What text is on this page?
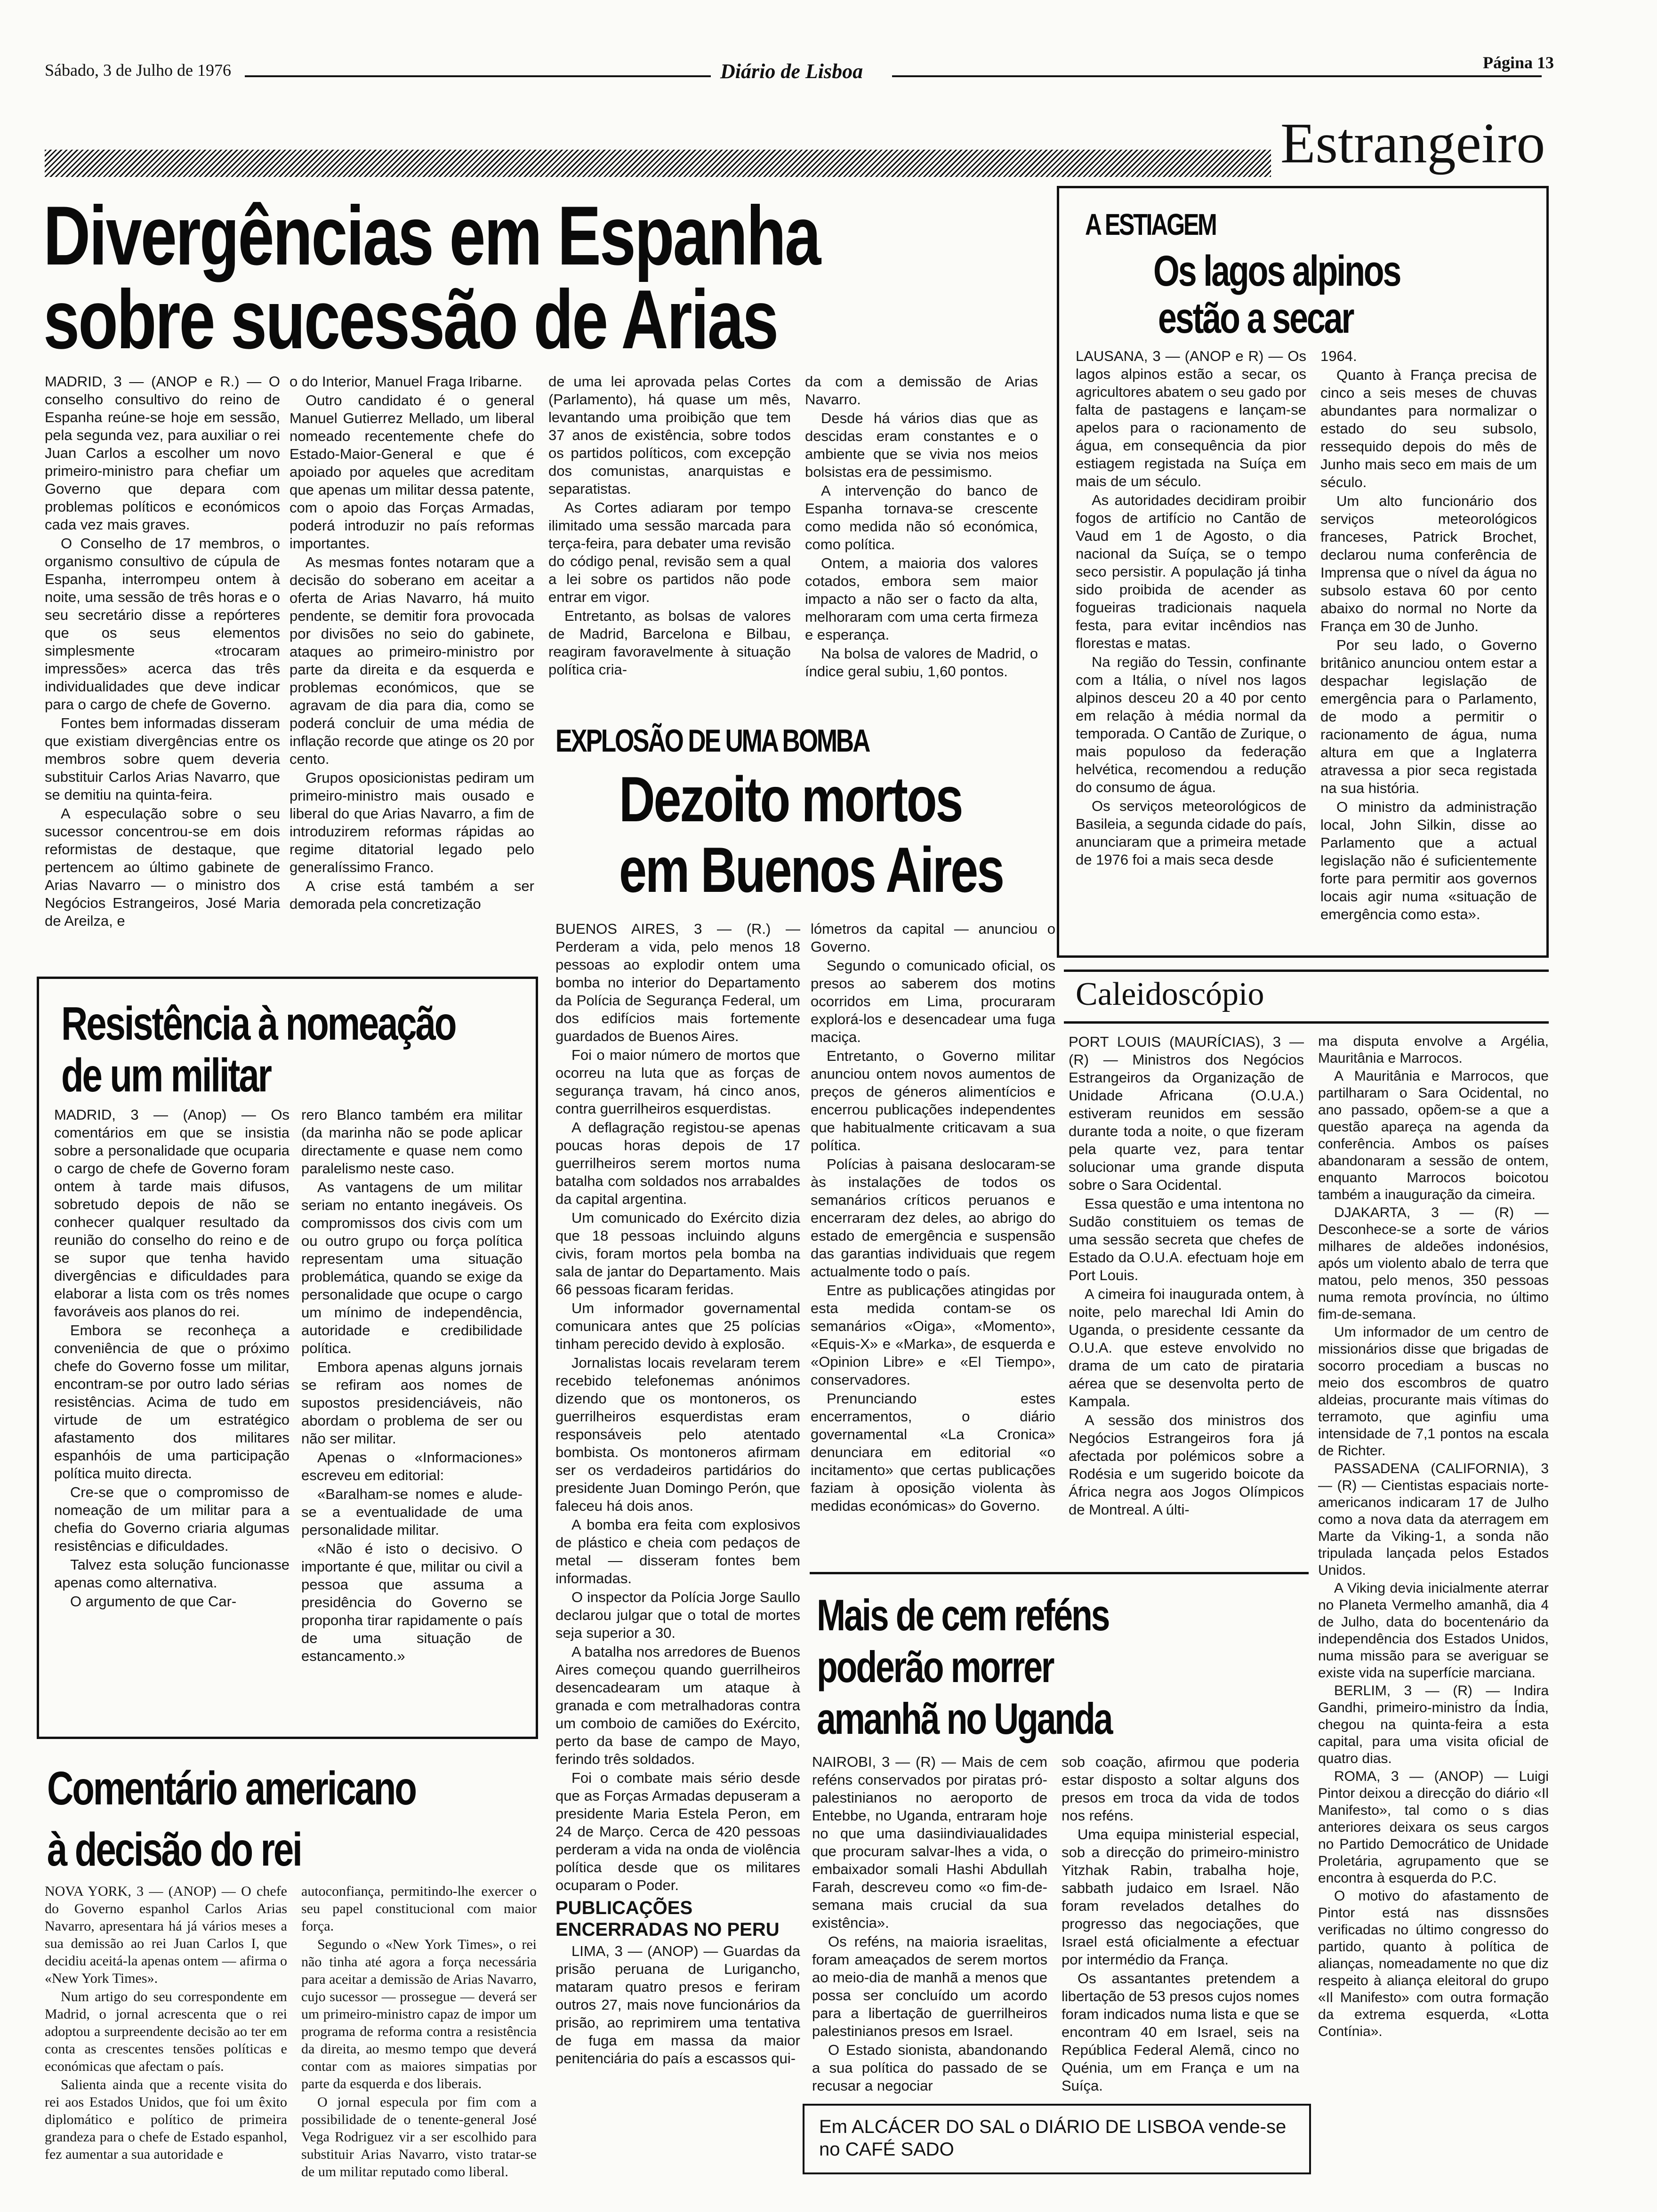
Sábado, 3 de Julho de 1976	Diário de Lisboa	Página 13
Estrangeiro
Divergências em Espanha
sobre sucessão de Arias

MADRID, 3 — (ANOP e R.) — O conselho consultivo do reino de Espanha reúne-se hoje em sessão, pela segunda vez, para auxiliar o rei Juan Carlos a escolher um novo primeiro-ministro para chefiar um Governo que depara com problemas políticos e económicos cada vez mais graves.

O Conselho de 17 membros, o organismo consultivo de cúpula de Espanha, interrompeu ontem à noite, uma sessão de três horas e o seu secretário disse a repórteres que os seus elementos simplesmente «trocaram impressões» acerca das três individualidades que deve indicar para o cargo de chefe de Governo.

Fontes bem informadas disseram que existiam divergências entre os membros sobre quem deveria substituir Carlos Arias Navarro, que se demitiu na quinta-feira.

A especulação sobre o seu sucessor concentrou-se em dois reformistas de destaque, que pertencem ao último gabinete de Arias Navarro — o ministro dos Negócios Estrangeiros, José Maria de Areilza, e

o do Interior, Manuel Fraga Iribarne.

Outro candidato é o general Manuel Gutierrez Mellado, um liberal nomeado recentemente chefe do Estado-Maior-General e que é apoiado por aqueles que acreditam que apenas um militar dessa patente, com o apoio das Forças Armadas, poderá introduzir no país reformas importantes.

As mesmas fontes notaram que a decisão do soberano em aceitar a oferta de Arias Navarro, há muito pendente, se demitir fora provocada por divisões no seio do gabinete, ataques ao primeiro-ministro por parte da direita e da esquerda e problemas económicos, que se agravam de dia para dia, como se poderá concluir de uma média de inflação recorde que atinge os 20 por cento.

Grupos oposicionistas pediram um primeiro-ministro mais ousado e liberal do que Arias Navarro, a fim de introduzirem reformas rápidas ao regime ditatorial legado pelo generalíssimo Franco.

A crise está também a ser demorada pela concretização

de uma lei aprovada pelas Cortes (Parlamento), há quase um mês, levantando uma proibição que tem 37 anos de existência, sobre todos os partidos políticos, com excepção dos comunistas, anarquistas e separatistas.

As Cortes adiaram por tempo ilimitado uma sessão marcada para terça-feira, para debater uma revisão do código penal, revisão sem a qual a lei sobre os partidos não pode entrar em vigor.

Entretanto, as bolsas de valores de Madrid, Barcelona e Bilbau, reagiram favoravelmente à situação política cria-

da com a demissão de Arias Navarro.

Desde há vários dias que as descidas eram constantes e o ambiente que se vivia nos meios bolsistas era de pessimismo.

A intervenção do banco de Espanha tornava-se crescente como medida não só económica, como política.

Ontem, a maioria dos valores cotados, embora sem maior impacto a não ser o facto da alta, melhoraram com uma certa firmeza e esperança.

Na bolsa de valores de Madrid, o índice geral subiu, 1,60 pontos.

A ESTIAGEM
Os lagos alpinos
estão a secar

LAUSANA, 3 — (ANOP e R) — Os lagos alpinos estão a secar, os agricultores abatem o seu gado por falta de pastagens e lançam-se apelos para o racionamento de água, em consequência da pior estiagem registada na Suíça em mais de um século.

As autoridades decidiram proibir fogos de artifício no Cantão de Vaud em 1 de Agosto, o dia nacional da Suíça, se o tempo seco persistir. A população já tinha sido proibida de acender as fogueiras tradicionais naquela festa, para evitar incêndios nas florestas e matas.

Na região do Tessin, confinante com a Itália, o nível nos lagos alpinos desceu 20 a 40 por cento em relação à média normal da temporada. O Cantão de Zurique, o mais populoso da federação helvética, recomendou a redução do consumo de água.

Os serviços meteorológicos de Basileia, a segunda cidade do país, anunciaram que a primeira metade de 1976 foi a mais seca desde

1964.

Quanto à França precisa de cinco a seis meses de chuvas abundantes para normalizar o estado do seu subsolo, ressequido depois do mês de Junho mais seco em mais de um século.

Um alto funcionário dos serviços meteorológicos franceses, Patrick Brochet, declarou numa conferência de Imprensa que o nível da água no subsolo estava 60 por cento abaixo do normal no Norte da França em 30 de Junho.

Por seu lado, o Governo britânico anunciou ontem estar a despachar legislação de emergência para o Parlamento, de modo a permitir o racionamento de água, numa altura em que a Inglaterra atravessa a pior seca registada na sua história.

O ministro da administração local, John Silkin, disse ao Parlamento que a actual legislação não é suficientemente forte para permitir aos governos locais agir numa «situação de emergência como esta».

EXPLOSÃO DE UMA BOMBA
Dezoito mortos
em Buenos Aires

BUENOS AIRES, 3 — (R.) — Perderam a vida, pelo menos 18 pessoas ao explodir ontem uma bomba no interior do Departamento da Polícia de Segurança Federal, um dos edifícios mais fortemente guardados de Buenos Aires.

Foi o maior número de mortos que ocorreu na luta que as forças de segurança travam, há cinco anos, contra guerrilheiros esquerdistas.

A deflagração registou-se apenas poucas horas depois de 17 guerrilheiros serem mortos numa batalha com soldados nos arrabaldes da capital argentina.

Um comunicado do Exército dizia que 18 pessoas incluindo alguns civis, foram mortos pela bomba na sala de jantar do Departamento. Mais 66 pessoas ficaram feridas.

Um informador governamental comunicara antes que 25 polícias tinham perecido devido à explosão.

Jornalistas locais revelaram terem recebido telefonemas anónimos dizendo que os montoneros, os guerrilheiros esquerdistas eram responsáveis pelo atentado bombista. Os montoneros afirmam ser os verdadeiros partidários do presidente Juan Domingo Perón, que faleceu há dois anos.

A bomba era feita com explosivos de plástico e cheia com pedaços de metal — disseram fontes bem informadas.

O inspector da Polícia Jorge Saullo declarou julgar que o total de mortes seja superior a 30.

A batalha nos arredores de Buenos Aires começou quando guerrilheiros desencadearam um ataque à granada e com metralhadoras contra um comboio de camiões do Exército, perto da base de campo de Mayo, ferindo três soldados.

Foi o combate mais sério desde que as Forças Armadas depuseram a presidente Maria Estela Peron, em 24 de Março. Cerca de 420 pessoas perderam a vida na onda de violência política desde que os militares ocuparam o Poder.

PUBLICAÇÕES
ENCERRADAS NO PERU

LIMA, 3 — (ANOP) — Guardas da prisão peruana de Lurigancho, mataram quatro presos e feriram outros 27, mais nove funcionários da prisão, ao reprimirem uma tentativa de fuga em massa da maior penitenciária do país a escassos qui-

lómetros da capital — anunciou o Governo.

Segundo o comunicado oficial, os presos ao saberem dos motins ocorridos em Lima, procuraram explorá-los e desencadear uma fuga maciça.

Entretanto, o Governo militar anunciou ontem novos aumentos de preços de géneros alimentícios e encerrou publicações independentes que habitualmente criticavam a sua política.

Polícias à paisana deslocaram-se às instalações de todos os semanários críticos peruanos e encerraram dez deles, ao abrigo do estado de emergência e suspensão das garantias individuais que regem actualmente todo o país.

Entre as publicações atingidas por esta medida contam-se os semanários «Oiga», «Momento», «Equis-X» e «Marka», de esquerda e «Opinion Libre» e «El Tiempo», conservadores.

Prenunciando estes encerramentos, o diário governamental «La Cronica» denunciara em editorial «o incitamento» que certas publicações faziam à oposição violenta às medidas económicas» do Governo.

Resistência à nomeação
de um militar

MADRID, 3 — (Anop) — Os comentários em que se insistia sobre a personalidade que ocuparia o cargo de chefe de Governo foram ontem à tarde mais difusos, sobretudo depois de não se conhecer qualquer resultado da reunião do conselho do reino e de se supor que tenha havido divergências e dificuldades para elaborar a lista com os três nomes favoráveis aos planos do rei.

Embora se reconheça a conveniência de que o próximo chefe do Governo fosse um militar, encontram-se por outro lado sérias resistências. Acima de tudo em virtude de um estratégico afastamento dos militares espanhóis de uma participação política muito directa.

Cre-se que o compromisso de nomeação de um militar para a chefia do Governo criaria algumas resistências e dificuldades.

Talvez esta solução funcionasse apenas como alternativa.

O argumento de que Car-

rero Blanco também era militar (da marinha não se pode aplicar directamente e quase nem como paralelismo neste caso.

As vantagens de um militar seriam no entanto inegáveis. Os compromissos dos civis com um ou outro grupo ou força política representam uma situação problemática, quando se exige da personalidade que ocupe o cargo um mínimo de independência, autoridade e credibilidade política.

Embora apenas alguns jornais se refiram aos nomes de supostos presidenciáveis, não abordam o problema de ser ou não ser militar.

Apenas o «Informaciones» escreveu em editorial:

«Baralham-se nomes e alude-se a eventualidade de uma personalidade militar.

«Não é isto o decisivo. O importante é que, militar ou civil a pessoa que assuma a presidência do Governo se proponha tirar rapidamente o país de uma situação de estancamento.»

Comentário americano
à decisão do rei

NOVA YORK, 3 — (ANOP) — O chefe do Governo espanhol Carlos Arias Navarro, apresentara há já vários meses a sua demissão ao rei Juan Carlos I, que decidiu aceitá-la apenas ontem — afirma o «New York Times».

Num artigo do seu correspondente em Madrid, o jornal acrescenta que o rei adoptou a surpreendente decisão ao ter em conta as crescentes tensões políticas e económicas que afectam o país.

Salienta ainda que a recente visita do rei aos Estados Unidos, que foi um êxito diplomático e político de primeira grandeza para o chefe de Estado espanhol, fez aumentar a sua autoridade e

autoconfiança, permitindo-lhe exercer o seu papel constitucional com maior força.

Segundo o «New York Times», o rei não tinha até agora a força necessária para aceitar a demissão de Arias Navarro, cujo sucessor — prossegue — deverá ser um primeiro-ministro capaz de impor um programa de reforma contra a resistência da direita, ao mesmo tempo que deverá contar com as maiores simpatias por parte da esquerda e dos liberais.

O jornal especula por fim com a possibilidade de o tenente-general José Vega Rodriguez vir a ser escolhido para substituir Arias Navarro, visto tratar-se de um militar reputado como liberal.

Caleidoscópio

PORT LOUIS (MAURÍCIAS), 3 — (R) — Ministros dos Negócios Estrangeiros da Organização de Unidade Africana (O.U.A.) estiveram reunidos em sessão durante toda a noite, o que fizeram pela quarte vez, para tentar solucionar uma grande disputa sobre o Sara Ocidental.

Essa questão e uma intentona no Sudão constituiem os temas de uma sessão secreta que chefes de Estado da O.U.A. efectuam hoje em Port Louis.

A cimeira foi inaugurada ontem, à noite, pelo marechal Idi Amin do Uganda, o presidente cessante da O.U.A. que esteve envolvido no drama de um cato de pirataria aérea que se desenvolta perto de Kampala.

A sessão dos ministros dos Negócios Estrangeiros fora já afectada por polémicos sobre a Rodésia e um sugerido boicote da África negra aos Jogos Olímpicos de Montreal. A últi-

ma disputa envolve a Argélia, Mauritânia e Marrocos.

A Mauritânia e Marrocos, que partilharam o Sara Ocidental, no ano passado, opõem-se a que a questão apareça na agenda da conferência. Ambos os países abandonaram a sessão de ontem, enquanto Marrocos boicotou também a inauguração da cimeira.

DJAKARTA, 3 — (R) — Desconhece-se a sorte de vários milhares de aldeões indonésios, após um violento abalo de terra que matou, pelo menos, 350 pessoas numa remota província, no último fim-de-semana.

Um informador de um centro de missionários disse que brigadas de socorro procediam a buscas no meio dos escombros de quatro aldeias, procurante mais vítimas do terramoto, que aginfiu uma intensidade de 7,1 pontos na escala de Richter.

PASSADENA (CALIFORNIA), 3 — (R) — Cientistas espaciais norte-americanos indicaram 17 de Julho como a nova data da aterragem em Marte da Viking-1, a sonda não tripulada lançada pelos Estados Unidos.

A Viking devia inicialmente aterrar no Planeta Vermelho amanhã, dia 4 de Julho, data do bocentenário da independência dos Estados Unidos, numa missão para se averiguar se existe vida na superfície marciana.

BERLIM, 3 — (R) — Indira Gandhi, primeiro-ministro da Índia, chegou na quinta-feira a esta capital, para uma visita oficial de quatro dias.

ROMA, 3 — (ANOP) — Luigi Pintor deixou a direcção do diário «Il Manifesto», tal como o s dias anteriores deixara os seus cargos no Partido Democrático de Unidade Proletária, agrupamento que se encontra à esquerda do P.C.

O motivo do afastamento de Pintor está nas dissnsões verificadas no último congresso do partido, quanto à política de alianças, nomeadamente no que diz respeito à aliança eleitoral do grupo «Il Manifesto» com outra formação da extrema esquerda, «Lotta Contínia».

Mais de cem reféns
poderão morrer
amanhã no Uganda

NAIROBI, 3 — (R) — Mais de cem reféns conservados por piratas pró-palestinianos no aeroporto de Entebbe, no Uganda, entraram hoje no que uma dasiindiviaualidades que procuram salvar-lhes a vida, o embaixador somali Hashi Abdullah Farah, descreveu como «o fim-de-semana mais crucial da sua existência».

Os reféns, na maioria israelitas, foram ameaçados de serem mortos ao meio-dia de manhã a menos que possa ser concluído um acordo para a libertação de guerrilheiros palestinianos presos em Israel.

O Estado sionista, abandonando a sua política do passado de se recusar a negociar

sob coação, afirmou que poderia estar disposto a soltar alguns dos presos em troca da vida de todos nos reféns.

Uma equipa ministerial especial, sob a direcção do primeiro-ministro Yitzhak Rabin, trabalha hoje, sabbath judaico em Israel. Não foram revelados detalhes do progresso das negociações, que Israel está oficialmente a efectuar por intermédio da França.

Os assantantes pretendem a libertação de 53 presos cujos nomes foram indicados numa lista e que se encontram 40 em Israel, seis na República Federal Alemã, cinco no Quénia, um em França e um na Suíça.

Em ALCÁCER DO SAL o DIÁRIO DE LISBOA vende-se no CAFÉ SADO
